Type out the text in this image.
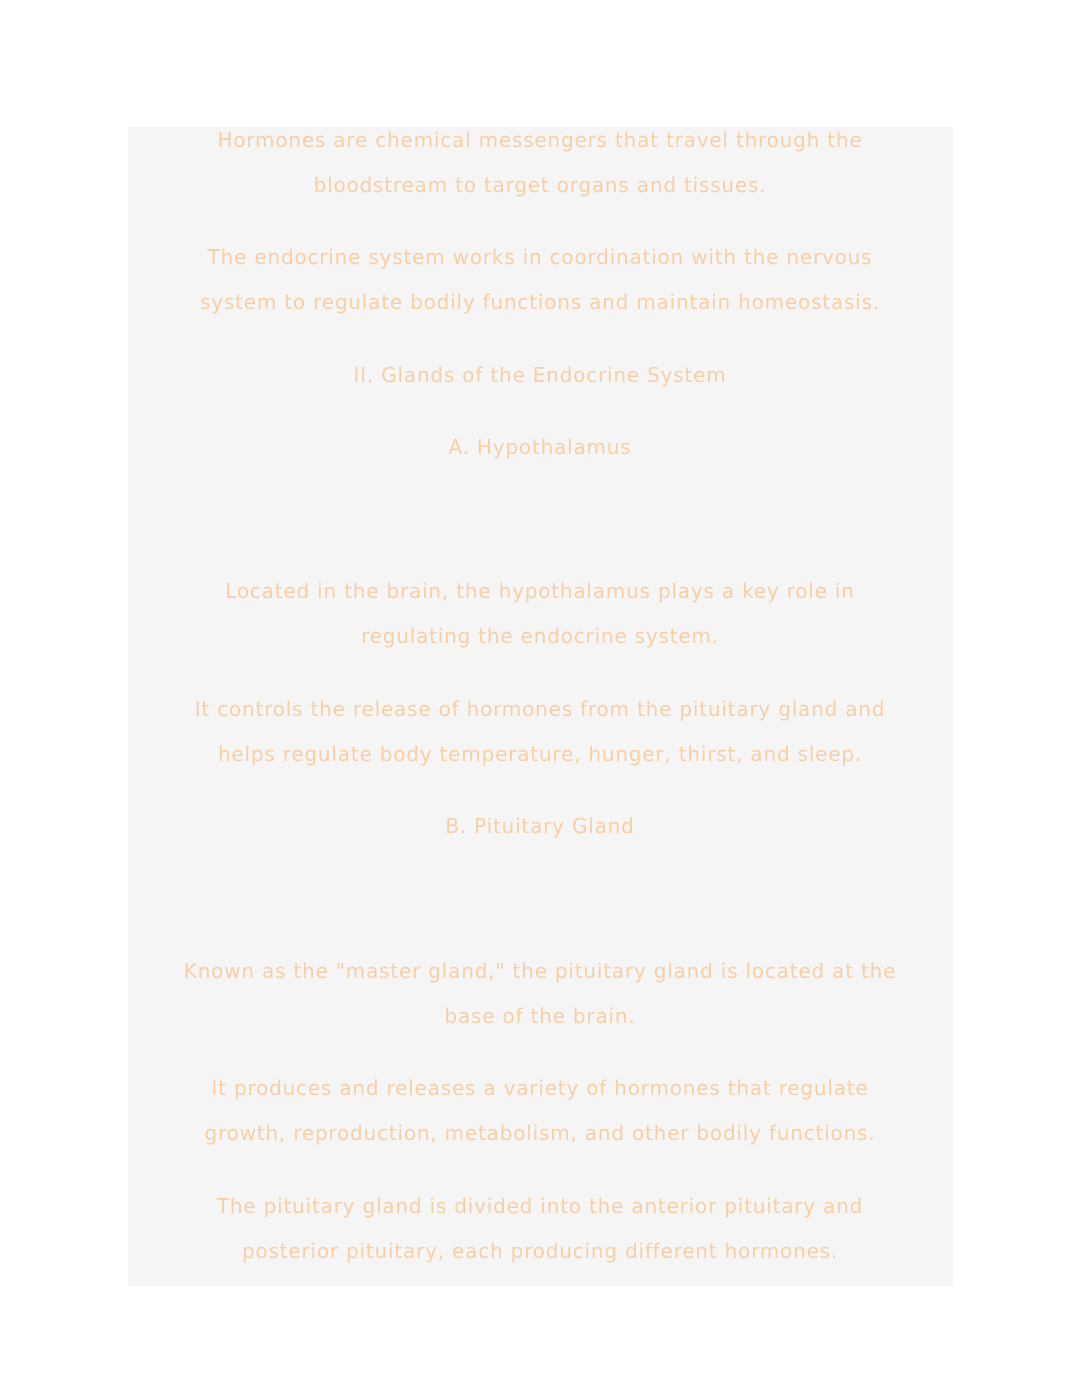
Hormones are chemical messengers that travel through the
bloodstream to target organs and tissues.
The endocrine system works in coordination with the nervous
system to regulate bodily functions and maintain homeostasis.
II. Glands of the Endocrine System
A. Hypothalamus
Located in the brain, the hypothalamus plays a key role in
regulating the endocrine system.
It controls the release of hormones from the pituitary gland and
helps regulate body temperature, hunger, thirst, and sleep.
B. Pituitary Gland
Known as the "master gland," the pituitary gland is located at the
base of the brain.
It produces and releases a variety of hormones that regulate
growth, reproduction, metabolism, and other bodily functions.
The pituitary gland is divided into the anterior pituitary and
posterior pituitary, each producing different hormones.
